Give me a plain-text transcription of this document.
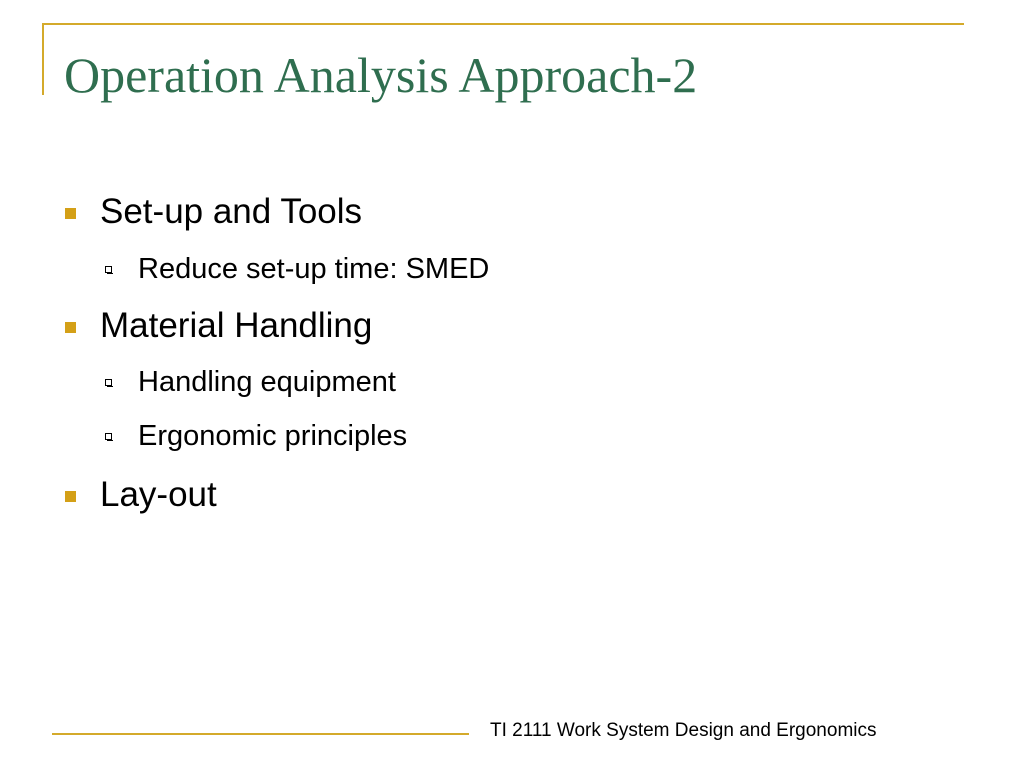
Operation Analysis Approach-2
Set-up and Tools
Reduce set-up time: SMED
Material Handling
Handling equipment
Ergonomic principles
Lay-out
TI 2111 Work System Design and Ergonomics
